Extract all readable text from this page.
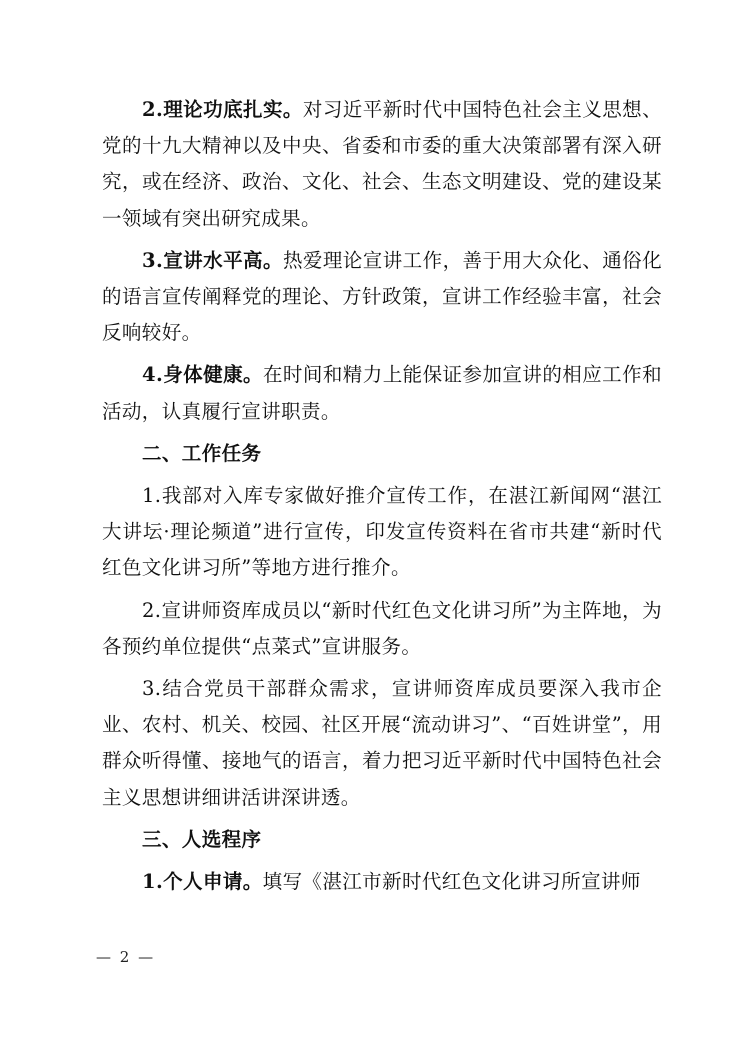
2.理论功底扎实。对习近平新时代中国特色社会主义思想、党的十九大精神以及中央、省委和市委的重大决策部署有深入研究，或在经济、政治、文化、社会、生态文明建设、党的建设某一领域有突出研究成果。

3.宣讲水平高。热爱理论宣讲工作，善于用大众化、通俗化的语言宣传阐释党的理论、方针政策，宣讲工作经验丰富，社会反响较好。

4.身体健康。在时间和精力上能保证参加宣讲的相应工作和活动，认真履行宣讲职责。

二、工作任务

1.我部对入库专家做好推介宣传工作，在湛江新闻网“湛江大讲坛·理论频道”进行宣传，印发宣传资料在省市共建“新时代红色文化讲习所”等地方进行推介。

2.宣讲师资库成员以“新时代红色文化讲习所”为主阵地，为各预约单位提供“点菜式”宣讲服务。

3.结合党员干部群众需求，宣讲师资库成员要深入我市企业、农村、机关、校园、社区开展“流动讲习”、“百姓讲堂”，用群众听得懂、接地气的语言，着力把习近平新时代中国特色社会主义思想讲细讲活讲深讲透。

三、人选程序

1.个人申请。填写《湛江市新时代红色文化讲习所宣讲师

— 2 —
